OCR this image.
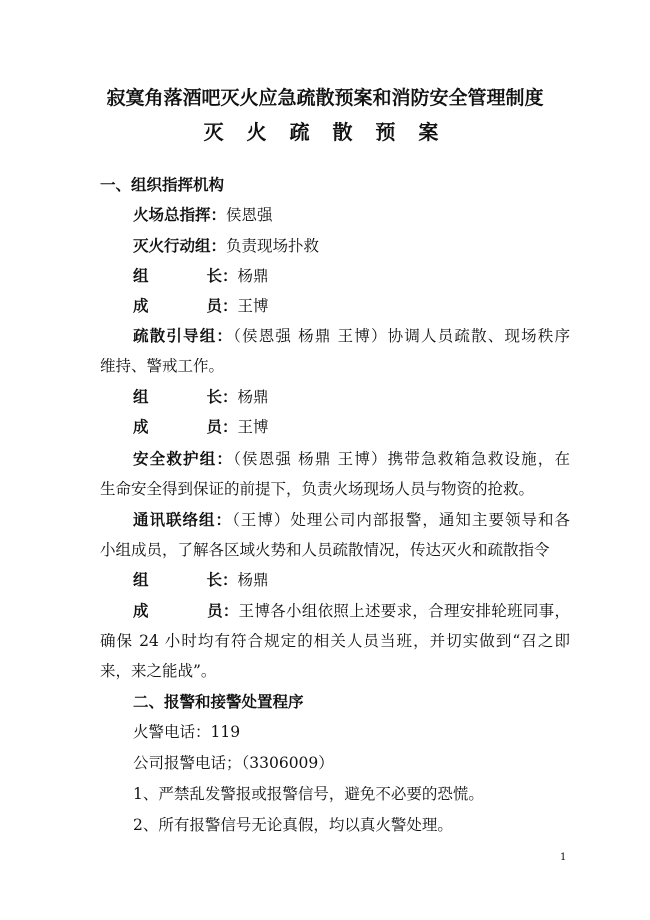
寂寞角落酒吧灭火应急疏散预案和消防安全管理制度
灭 火 疏 散 预 案
一、组织指挥机构
火场总指挥：侯恩强
灭火行动组：负责现场扑救
组	长：杨鼎
成	员：王博
疏散引导组：（侯恩强 杨鼎 王博）协调人员疏散、现场秩序
维持、警戒工作。
组	长：杨鼎
成	员：王博
安全救护组：（侯恩强 杨鼎 王博）携带急救箱急救设施，在
生命安全得到保证的前提下，负责火场现场人员与物资的抢救。
通讯联络组：（王博）处理公司内部报警，通知主要领导和各
小组成员，了解各区域火势和人员疏散情况，传达灭火和疏散指令
组	长：杨鼎
成	员：王博各小组依照上述要求，合理安排轮班同事，
确保 24 小时均有符合规定的相关人员当班，并切实做到“召之即
来，来之能战”。
二、报警和接警处置程序
火警电话：119
公司报警电话；（3306009）
1、严禁乱发警报或报警信号，避免不必要的恐慌。
2、所有报警信号无论真假，均以真火警处理。
1
